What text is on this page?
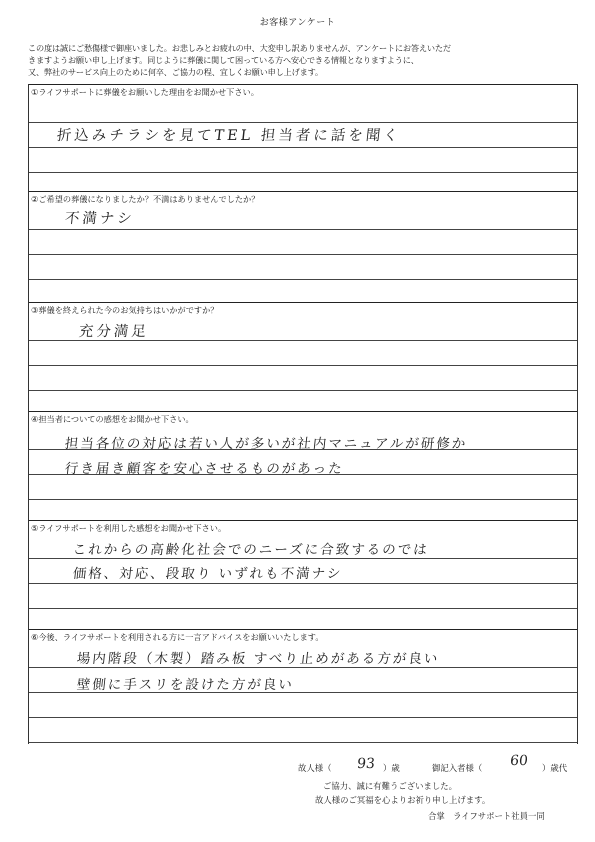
お客様アンケート
この度は誠にご愁傷様で御座いました。お悲しみとお疲れの中、大変申し訳ありませんが、アンケートにお答えいただ
きますようお願い申し上げます。同じように葬儀に関して困っている方へ安心できる情報となりますように、
又、弊社のサービス向上のために何卒、ご協力の程、宜しくお願い申し上げます。
①ライフサポートに葬儀をお願いした理由をお聞かせ下さい。
折込みチラシを見てTEL 担当者に話を聞く
②ご希望の葬儀になりましたか？不満はありませんでしたか？
不満ナシ
③葬儀を終えられた今のお気持ちはいかがですか？
充分満足
④担当者についての感想をお聞かせ下さい。
担当各位の対応は若い人が多いが社内マニュアルが研修か
行き届き顧客を安心させるものがあった
⑤ライフサポートを利用した感想をお聞かせ下さい。
これからの高齢化社会でのニーズに合致するのでは
価格、対応、段取り いずれも不満ナシ
⑥今後、ライフサポートを利用される方に一言アドバイスをお願いいたします。
場内階段（木製）踏み板 すべり止めがある方が良い
壁側に手スリを設けた方が良い
故人様（ 93 ）歳	御記入者様（ 60 ）歳代
ご協力、誠に有難うございました。
故人様のご冥福を心よりお祈り申し上げます。
合掌　ライフサポート社員一同
